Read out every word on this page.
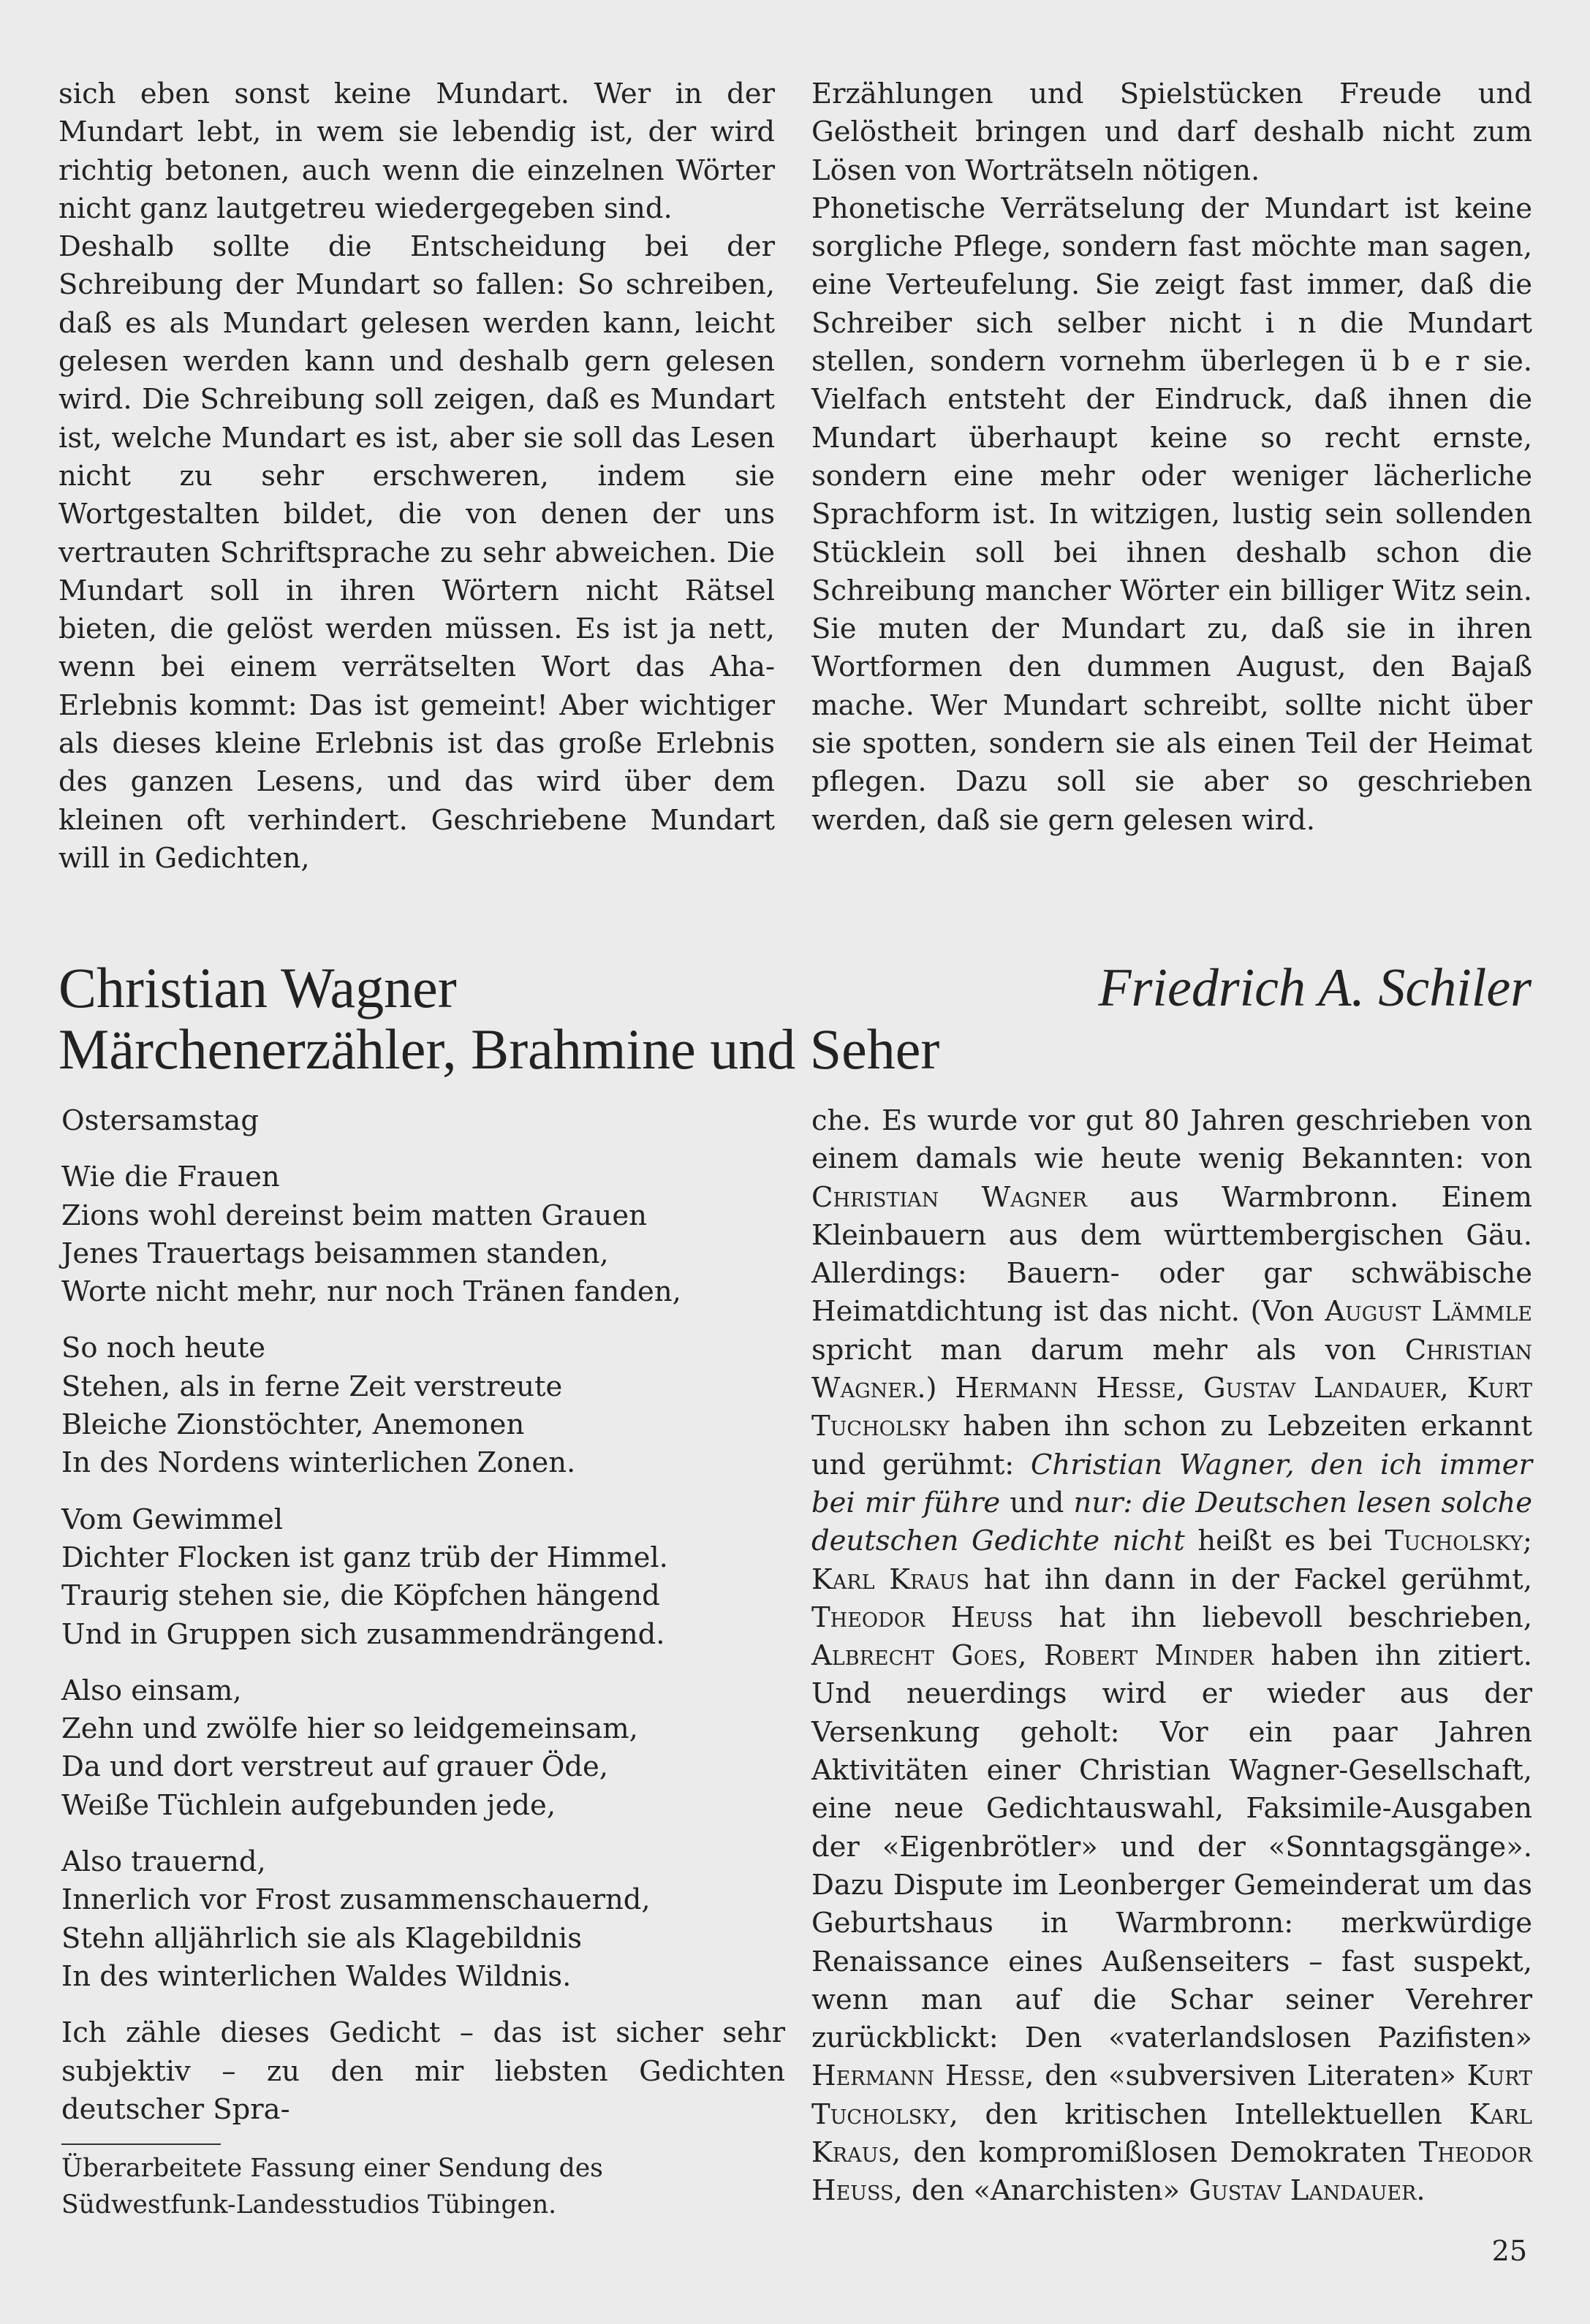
sich eben sonst keine Mundart. Wer in der Mundart lebt, in wem sie lebendig ist, der wird richtig betonen, auch wenn die einzelnen Wörter nicht ganz lautgetreu wiedergegeben sind.

Deshalb sollte die Entscheidung bei der Schreibung der Mundart so fallen: So schreiben, daß es als Mundart gelesen werden kann, leicht gelesen werden kann und deshalb gern gelesen wird. Die Schreibung soll zeigen, daß es Mundart ist, welche Mundart es ist, aber sie soll das Lesen nicht zu sehr erschweren, indem sie Wortgestalten bildet, die von denen der uns vertrauten Schriftsprache zu sehr abweichen. Die Mundart soll in ihren Wörtern nicht Rätsel bieten, die gelöst werden müssen. Es ist ja nett, wenn bei einem verrätselten Wort das Aha-Erlebnis kommt: Das ist gemeint! Aber wichtiger als dieses kleine Erlebnis ist das große Erlebnis des ganzen Lesens, und das wird über dem kleinen oft verhindert. Geschriebene Mundart will in Gedichten,

Erzählungen und Spielstücken Freude und Gelöstheit bringen und darf deshalb nicht zum Lösen von Worträtseln nötigen.

Phonetische Verrätselung der Mundart ist keine sorgliche Pflege, sondern fast möchte man sagen, eine Verteufelung. Sie zeigt fast immer, daß die Schreiber sich selber nicht i n die Mundart stellen, sondern vornehm überlegen ü b e r sie. Vielfach entsteht der Eindruck, daß ihnen die Mundart überhaupt keine so recht ernste, sondern eine mehr oder weniger lächerliche Sprachform ist. In witzigen, lustig sein sollenden Stücklein soll bei ihnen deshalb schon die Schreibung mancher Wörter ein billiger Witz sein. Sie muten der Mundart zu, daß sie in ihren Wortformen den dummen August, den Bajaß mache. Wer Mundart schreibt, sollte nicht über sie spotten, sondern sie als einen Teil der Heimat pflegen. Dazu soll sie aber so geschrieben werden, daß sie gern gelesen wird.

Christian Wagner
Märchenerzähler, Brahmine und Seher
Friedrich A. Schiler
Ostersamstag
Wie die Frauen
Zions wohl dereinst beim matten Grauen
Jenes Trauertags beisammen standen,
Worte nicht mehr, nur noch Tränen fanden,
So noch heute
Stehen, als in ferne Zeit verstreute
Bleiche Zionstöchter, Anemonen
In des Nordens winterlichen Zonen.
Vom Gewimmel
Dichter Flocken ist ganz trüb der Himmel.
Traurig stehen sie, die Köpfchen hängend
Und in Gruppen sich zusammendrängend.
Also einsam,
Zehn und zwölfe hier so leidgemeinsam,
Da und dort verstreut auf grauer Öde,
Weiße Tüchlein aufgebunden jede,
Also trauernd,
Innerlich vor Frost zusammenschauernd,
Stehn alljährlich sie als Klagebildnis
In des winterlichen Waldes Wildnis.

Ich zähle dieses Gedicht – das ist sicher sehr subjektiv – zu den mir liebsten Gedichten deutscher Spra-

Überarbeitete Fassung einer Sendung des Südwestfunk-Landesstudios Tübingen.

che. Es wurde vor gut 80 Jahren geschrieben von einem damals wie heute wenig Bekannten: von Christian Wagner aus Warmbronn. Einem Kleinbauern aus dem württembergischen Gäu. Allerdings: Bauern- oder gar schwäbische Heimatdichtung ist das nicht. (Von August Lämmle spricht man darum mehr als von Christian Wagner.) Hermann Hesse, Gustav Landauer, Kurt Tucholsky haben ihn schon zu Lebzeiten erkannt und gerühmt: Christian Wagner, den ich immer bei mir führe und nur: die Deutschen lesen solche deutschen Gedichte nicht heißt es bei Tucholsky; Karl Kraus hat ihn dann in der Fackel gerühmt, Theodor Heuss hat ihn liebevoll beschrieben, Albrecht Goes, Robert Minder haben ihn zitiert. Und neuerdings wird er wieder aus der Versenkung geholt: Vor ein paar Jahren Aktivitäten einer Christian Wagner-Gesellschaft, eine neue Gedichtauswahl, Faksimile-Ausgaben der «Eigenbrötler» und der «Sonntagsgänge». Dazu Dispute im Leonberger Gemeinderat um das Geburtshaus in Warmbronn: merkwürdige Renaissance eines Außenseiters – fast suspekt, wenn man auf die Schar seiner Verehrer zurückblickt: Den «vaterlandslosen Pazifisten» Hermann Hesse, den «subversiven Literaten» Kurt Tucholsky, den kritischen Intellektuellen Karl Kraus, den kompromißlosen Demokraten Theodor Heuss, den «Anarchisten» Gustav Landauer.

25
